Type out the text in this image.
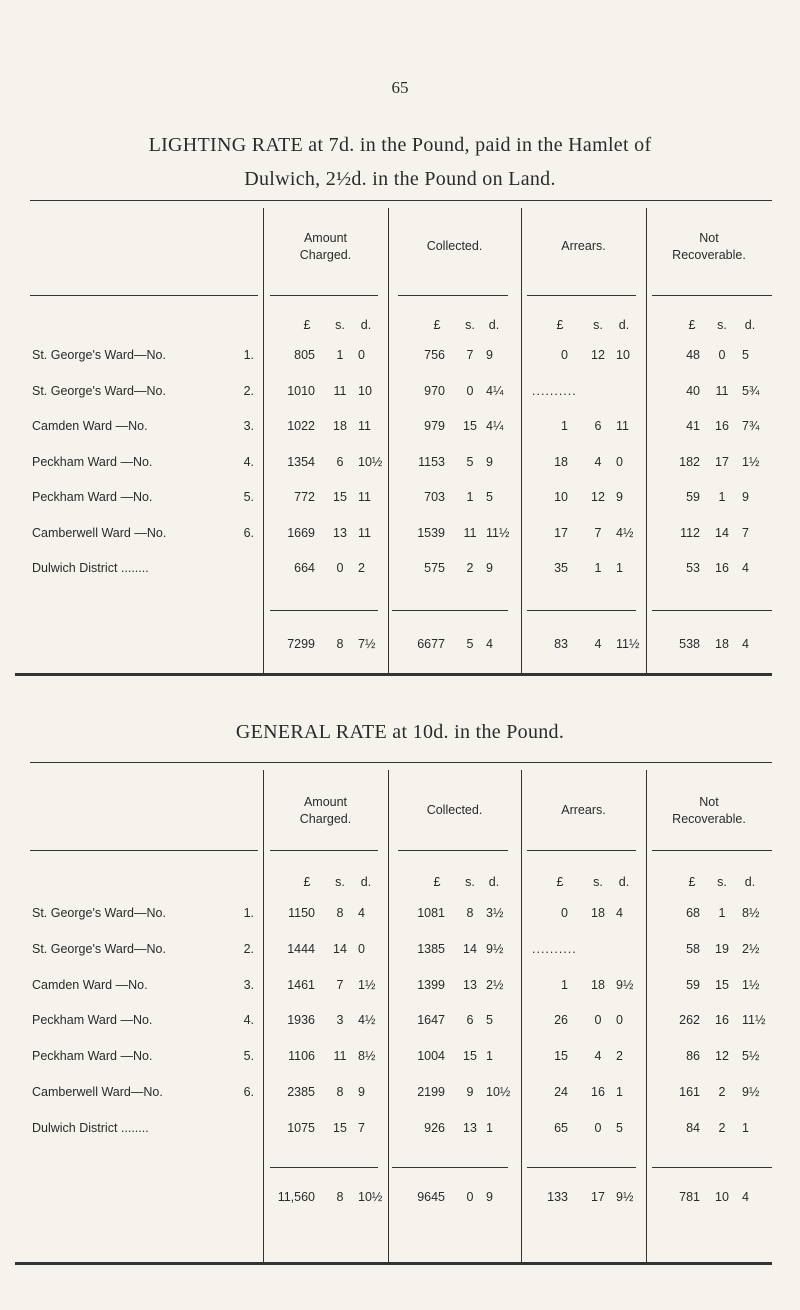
65
LIGHTING RATE at 7d. in the Pound, paid in the Hamlet of
Dulwich, 2½d. in the Pound on Land.
Amount
Charged.
Collected.	Arrears.
Not
Recoverable.
£	s.	d.	£	s.	d.	£	s.	d.	£	s.	d.
St. George's Ward—No.	1.	805	1	0	756	7	9	0	12 10	48	0	5
St. George's Ward—No.	2.	1010	11 10	970	0	4¼	..........	40	11	5¾
Camden Ward —No.	3.	1022	18 11	979	15 4¼	1	6	11	41	16	7¾
Peckham Ward —No.	4.	1354	6	10½	1153	5	9	18	4	0	182	17	1½
Peckham Ward —No.	5.	772	15 11	703	1	5	10	12 9	59	1	9
Camberwell Ward —No.	6.	1669	13 11	1539	11 11½	17	7	4½	112	14	7
Dulwich District ........	664	0	2	575	2	9	35	1	1	53	16	4
7299	8	7½	6677	5	4	83	4	11½	538	18	4
GENERAL RATE at 10d. in the Pound.
Amount
Charged.
Collected.	Arrears.
Not
Recoverable.
£	s.	d.	£	s.	d.	£	s.	d.	£	s.	d.
St. George's Ward—No.	1.	1150	8	4	1081	8	3½	0	18 4	68	1	8½
St. George's Ward—No.	2.	1444	14 0	1385	14 9½	..........	58	19	2½
Camden Ward —No.	3.	1461	7	1½	1399	13 2½	1	18 9½	59	15	1½
Peckham Ward —No.	4.	1936	3	4½	1647	6	5	26	0	0	262	16	11½
Peckham Ward —No.	5.	1106	11 8½	1004	15 1	15	4	2	86	12	5½
Camberwell Ward—No.	6.	2385	8	9	2199	9	10½	24	16 1	161	2	9½
Dulwich District ........	1075	15 7	926	13 1	65	0	5	84	2	1
11,560	8	10½	9645	0	9	133	17 9½	781	10	4
